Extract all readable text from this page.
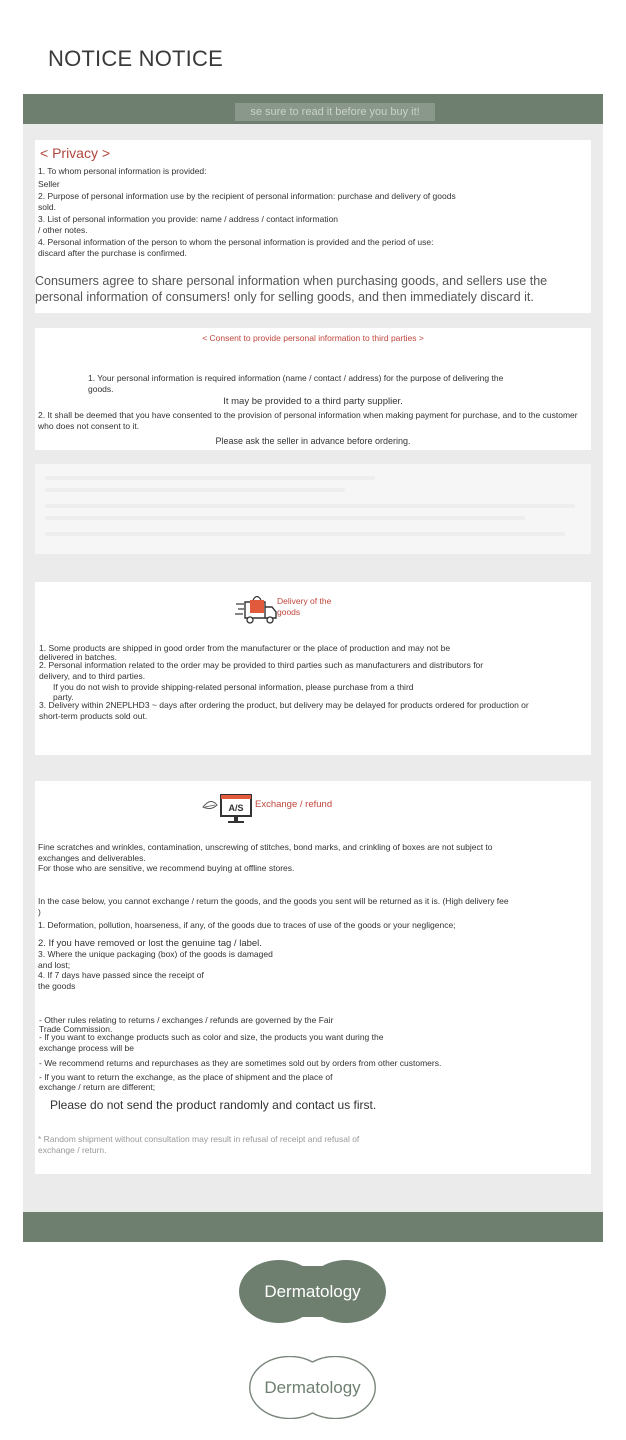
NOTICE NOTICE
se sure to read it before you buy it!
< Privacy >
1. To whom personal information is provided:
Seller
2. Purpose of personal information use by the recipient of personal information: purchase and delivery of goods sold.
3. List of personal information you provide: name / address / contact information
/ other notes.
4. Personal information of the person to whom the personal information is provided and the period of use: discard after the purchase is confirmed.
Consumers agree to share personal information when purchasing goods, and sellers use the personal information of consumers! only for selling goods, and then immediately discard it.
< Consent to provide personal information to third parties >
1. Your personal information is required information (name / contact / address) for the purpose of delivering the goods.
It may be provided to a third party supplier.
2. It shall be deemed that you have consented to the provision of personal information when making payment for purchase, and to the customer who does not consent to it.
Please ask the seller in advance before ordering.
Delivery of the
goods
1. Some products are shipped in good order from the manufacturer or the place of production and may not be
delivered in batches.
2. Personal information related to the order may be provided to third parties such as manufacturers and distributors for
delivery, and to third parties.
If you do not wish to provide shipping-related personal information, please purchase from a third
party.
3. Delivery within 2NEPLHD3 ~ days after ordering the product, but delivery may be delayed for products ordered for production or
short-term products sold out.
A/S Exchange / refund
Fine scratches and wrinkles, contamination, unscrewing of stitches, bond marks, and crinkling of boxes are not subject to
exchanges and deliverables.
For those who are sensitive, we recommend buying at offline stores.
In the case below, you cannot exchange / return the goods, and the goods you sent will be returned as it is. (High delivery fee
)
1. Deformation, pollution, hoarseness, if any, of the goods due to traces of use of the goods or your negligence;
2. If you have removed or lost the genuine tag / label.
3. Where the unique packaging (box) of the goods is damaged
and lost;
4. If 7 days have passed since the receipt of
the goods
- Other rules relating to returns / exchanges / refunds are governed by the Fair
Trade Commission.
- If you want to exchange products such as color and size, the products you want during the
exchange process will be
- We recommend returns and repurchases as they are sometimes sold out by orders from other customers.
- If you want to return the exchange, as the place of shipment and the place of
exchange / return are different;
Please do not send the product randomly and contact us first.
* Random shipment without consultation may result in refusal of receipt and refusal of
exchange / return.
Dermatology
Dermatology
